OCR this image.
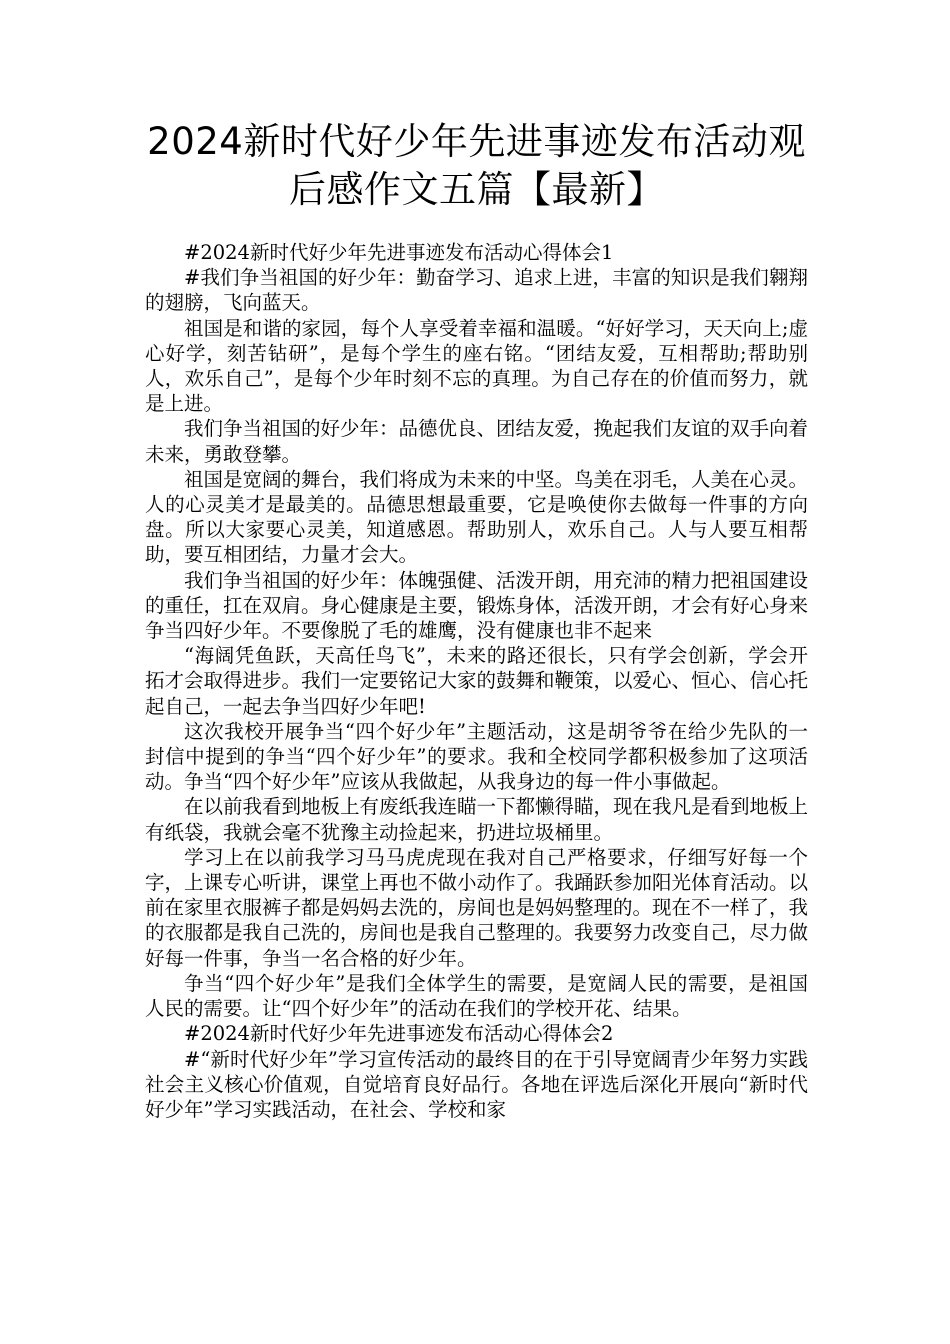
2024新时代好少年先进事迹发布活动观
后感作文五篇【最新】

#2024新时代好少年先进事迹发布活动心得体会1

#我们争当祖国的好少年：勤奋学习、追求上进，丰富的知识是我们翱翔的翅膀，飞向蓝天。

祖国是和谐的家园，每个人享受着幸福和温暖。“好好学习，天天向上;虚心好学，刻苦钻研”，是每个学生的座右铭。“团结友爱，互相帮助;帮助别人，欢乐自己”，是每个少年时刻不忘的真理。为自己存在的价值而努力，就是上进。

我们争当祖国的好少年：品德优良、团结友爱，挽起我们友谊的双手向着未来，勇敢登攀。

祖国是宽阔的舞台，我们将成为未来的中坚。鸟美在羽毛，人美在心灵。人的心灵美才是最美的。品德思想最重要，它是唤使你去做每一件事的方向盘。所以大家要心灵美，知道感恩。帮助别人，欢乐自己。人与人要互相帮助，要互相团结，力量才会大。

我们争当祖国的好少年：体魄强健、活泼开朗，用充沛的精力把祖国建设的重任，扛在双肩。身心健康是主要，锻炼身体，活泼开朗，才会有好心身来争当四好少年。不要像脱了毛的雄鹰，没有健康也非不起来

“海阔凭鱼跃，天高任鸟飞”，未来的路还很长，只有学会创新，学会开拓才会取得进步。我们一定要铭记大家的鼓舞和鞭策，以爱心、恒心、信心托起自己，一起去争当四好少年吧!

这次我校开展争当“四个好少年”主题活动，这是胡爷爷在给少先队的一封信中提到的争当“四个好少年”的要求。我和全校同学都积极参加了这项活动。争当“四个好少年”应该从我做起，从我身边的每一件小事做起。

在以前我看到地板上有废纸我连瞄一下都懒得瞄，现在我凡是看到地板上有纸袋，我就会毫不犹豫主动捡起来，扔进垃圾桶里。

学习上在以前我学习马马虎虎现在我对自己严格要求，仔细写好每一个字，上课专心听讲，课堂上再也不做小动作了。我踊跃参加阳光体育活动。以前在家里衣服裤子都是妈妈去洗的，房间也是妈妈整理的。现在不一样了，我的衣服都是我自己洗的，房间也是我自己整理的。我要努力改变自己，尽力做好每一件事，争当一名合格的好少年。

争当“四个好少年”是我们全体学生的需要，是宽阔人民的需要，是祖国人民的需要。让“四个好少年”的活动在我们的学校开花、结果。

#2024新时代好少年先进事迹发布活动心得体会2

#“新时代好少年”学习宣传活动的最终目的在于引导宽阔青少年努力实践社会主义核心价值观，自觉培育良好品行。各地在评选后深化开展向“新时代好少年”学习实践活动，在社会、学校和家
